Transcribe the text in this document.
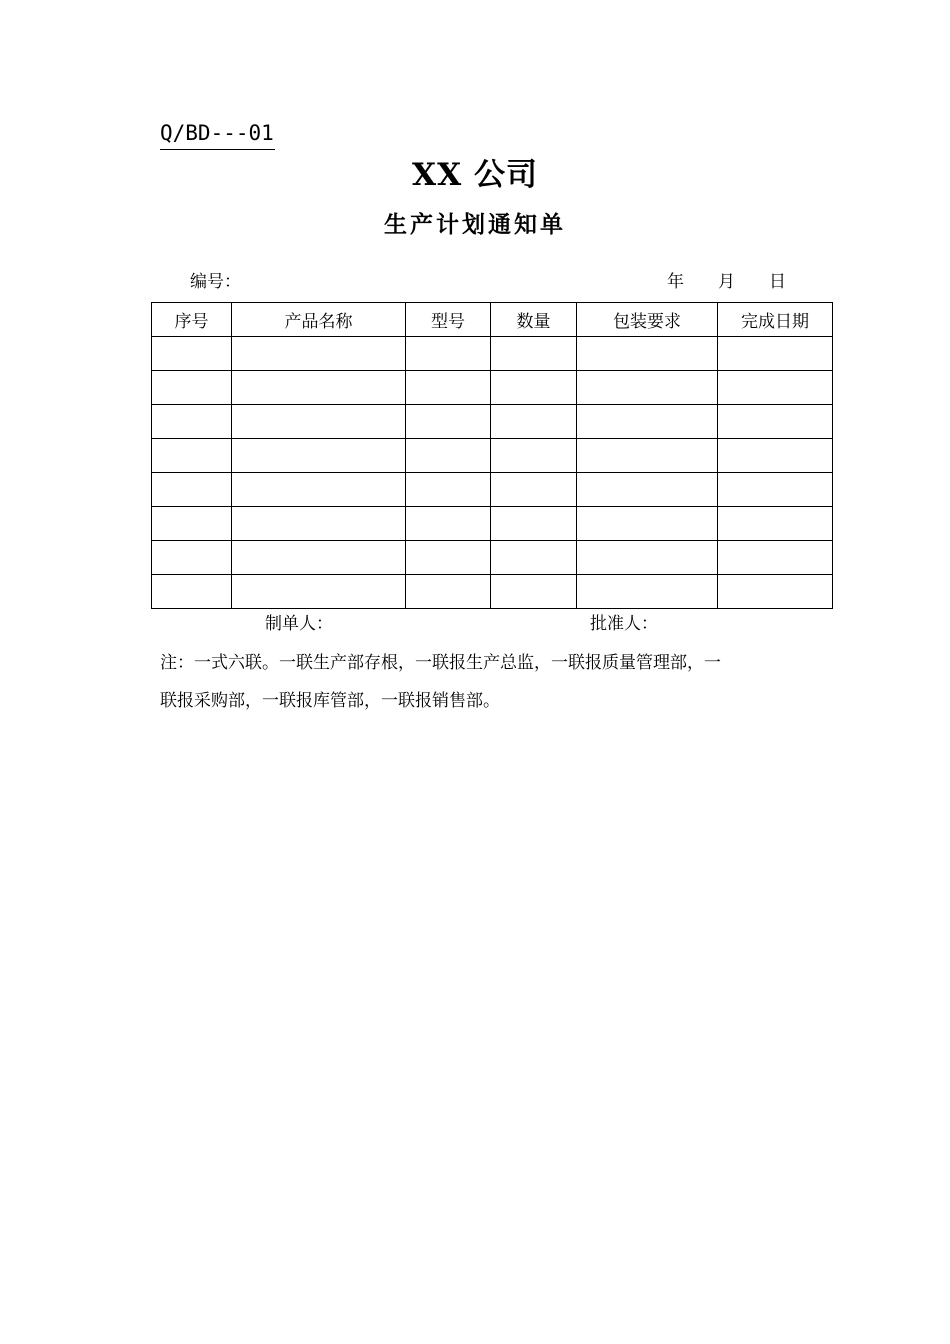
Q/BD---01
XX 公司
生产计划通知单
编号：	年　　月　　日
序号	产品名称	型号	数量	包装要求	完成日期

制单人：	批准人：
注：一式六联。一联生产部存根，一联报生产总监，一联报质量管理部，一
联报采购部，一联报库管部，一联报销售部。
